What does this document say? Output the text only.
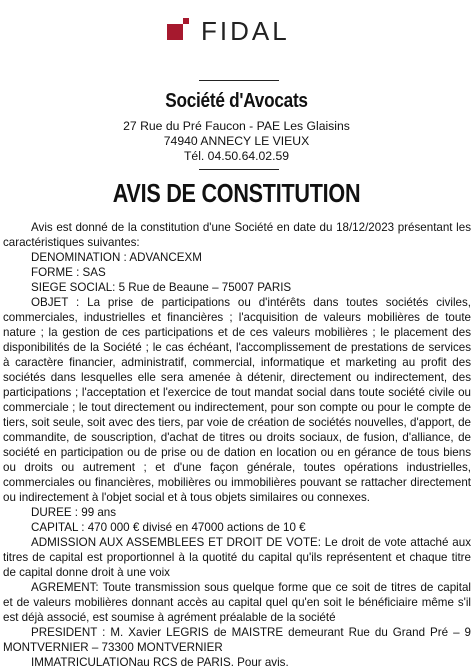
FIDAL
Société d'Avocats
27 Rue du Pré Faucon - PAE Les Glaisins
74940 ANNECY LE VIEUX
Tél. 04.50.64.02.59
AVIS DE CONSTITUTION

Avis est donné de la constitution d'une Société en date du 18/12/2023 présentant les caractéristiques suivantes:

DENOMINATION : ADVANCEXM

FORME : SAS

SIEGE SOCIAL: 5 Rue de Beaune – 75007 PARIS

OBJET : La prise de participations ou d'intérêts dans toutes sociétés civiles, commerciales, industrielles et financières ; l'acquisition de valeurs mobilières de toute nature ; la gestion de ces participations et de ces valeurs mobilières ; le placement des disponibilités de la Société ; le cas échéant, l'accomplissement de prestations de services à caractère financier, administratif, commercial, informatique et marketing au profit des sociétés dans lesquelles elle sera amenée à détenir, directement ou indirectement, des participations ; l'acceptation et l'exercice de tout mandat social dans toute société civile ou commerciale ; le tout directement ou indirectement, pour son compte ou pour le compte de tiers, soit seule, soit avec des tiers, par voie de création de sociétés nouvelles, d'apport, de commandite, de souscription, d'achat de titres ou droits sociaux, de fusion, d'alliance, de société en participation ou de prise ou de dation en location ou en gérance de tous biens ou droits ou autrement ; et d'une façon générale, toutes opérations industrielles, commerciales ou financières, mobilières ou immobilières pouvant se rattacher directement ou indirectement à l'objet social et à tous objets similaires ou connexes.

DUREE : 99 ans

CAPITAL : 470 000 € divisé en 47000 actions de 10 €

ADMISSION AUX ASSEMBLEES ET DROIT DE VOTE: Le droit de vote attaché aux titres de capital est proportionnel à la quotité du capital qu'ils représentent et chaque titre de capital donne droit à une voix

AGREMENT: Toute transmission sous quelque forme que ce soit de titres de capital et de valeurs mobilières donnant accès au capital quel qu'en soit le bénéficiaire même s'il est déjà associé, est soumise à agrément préalable de la société

PRESIDENT : M. Xavier LEGRIS de MAISTRE demeurant Rue du Grand Pré – 9 MONTVERNIER – 73300 MONTVERNIER

IMMATRICULATIONau RCS de PARIS. Pour avis.
